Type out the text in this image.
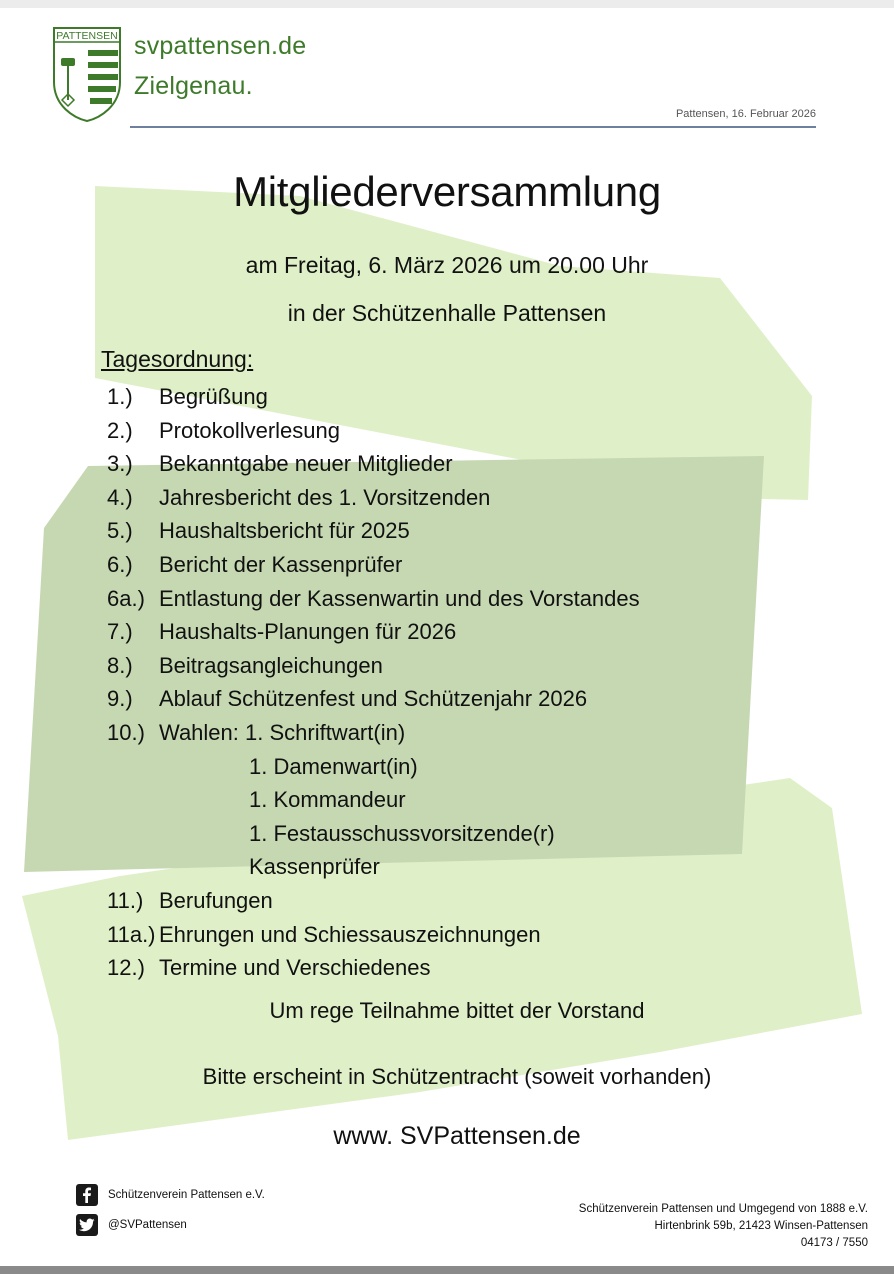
PATTENSEN svpattensen.de
Zielgenau.
Pattensen, 16. Februar 2026
Mitgliederversammlung
am Freitag, 6. März 2026 um 20.00 Uhr
in der Schützenhalle Pattensen
Tagesordnung:
1.) Begrüßung
2.) Protokollverlesung
3.) Bekanntgabe neuer Mitglieder
4.) Jahresbericht des 1. Vorsitzenden
5.) Haushaltsbericht für 2025
6.) Bericht der Kassenprüfer
6a.) Entlastung der Kassenwartin und des Vorstandes
7.) Haushalts-Planungen für 2026
8.) Beitragsangleichungen
9.) Ablauf Schützenfest und Schützenjahr 2026
10.) Wahlen: 1. Schriftwart(in)
1. Damenwart(in)
1. Kommandeur
1. Festausschussvorsitzende(r)
Kassenprüfer
11.) Berufungen
11a.) Ehrungen und Schiessauszeichnungen
12.) Termine und Verschiedenes
Um rege Teilnahme bittet der Vorstand
Bitte erscheint in Schützentracht (soweit vorhanden)
www. SVPattensen.de
Schützenverein Pattensen e.V.
@SVPattensen
Schützenverein Pattensen und Umgegend von 1888 e.V.
Hirtenbrink 59b, 21423 Winsen-Pattensen
04173 / 7550
